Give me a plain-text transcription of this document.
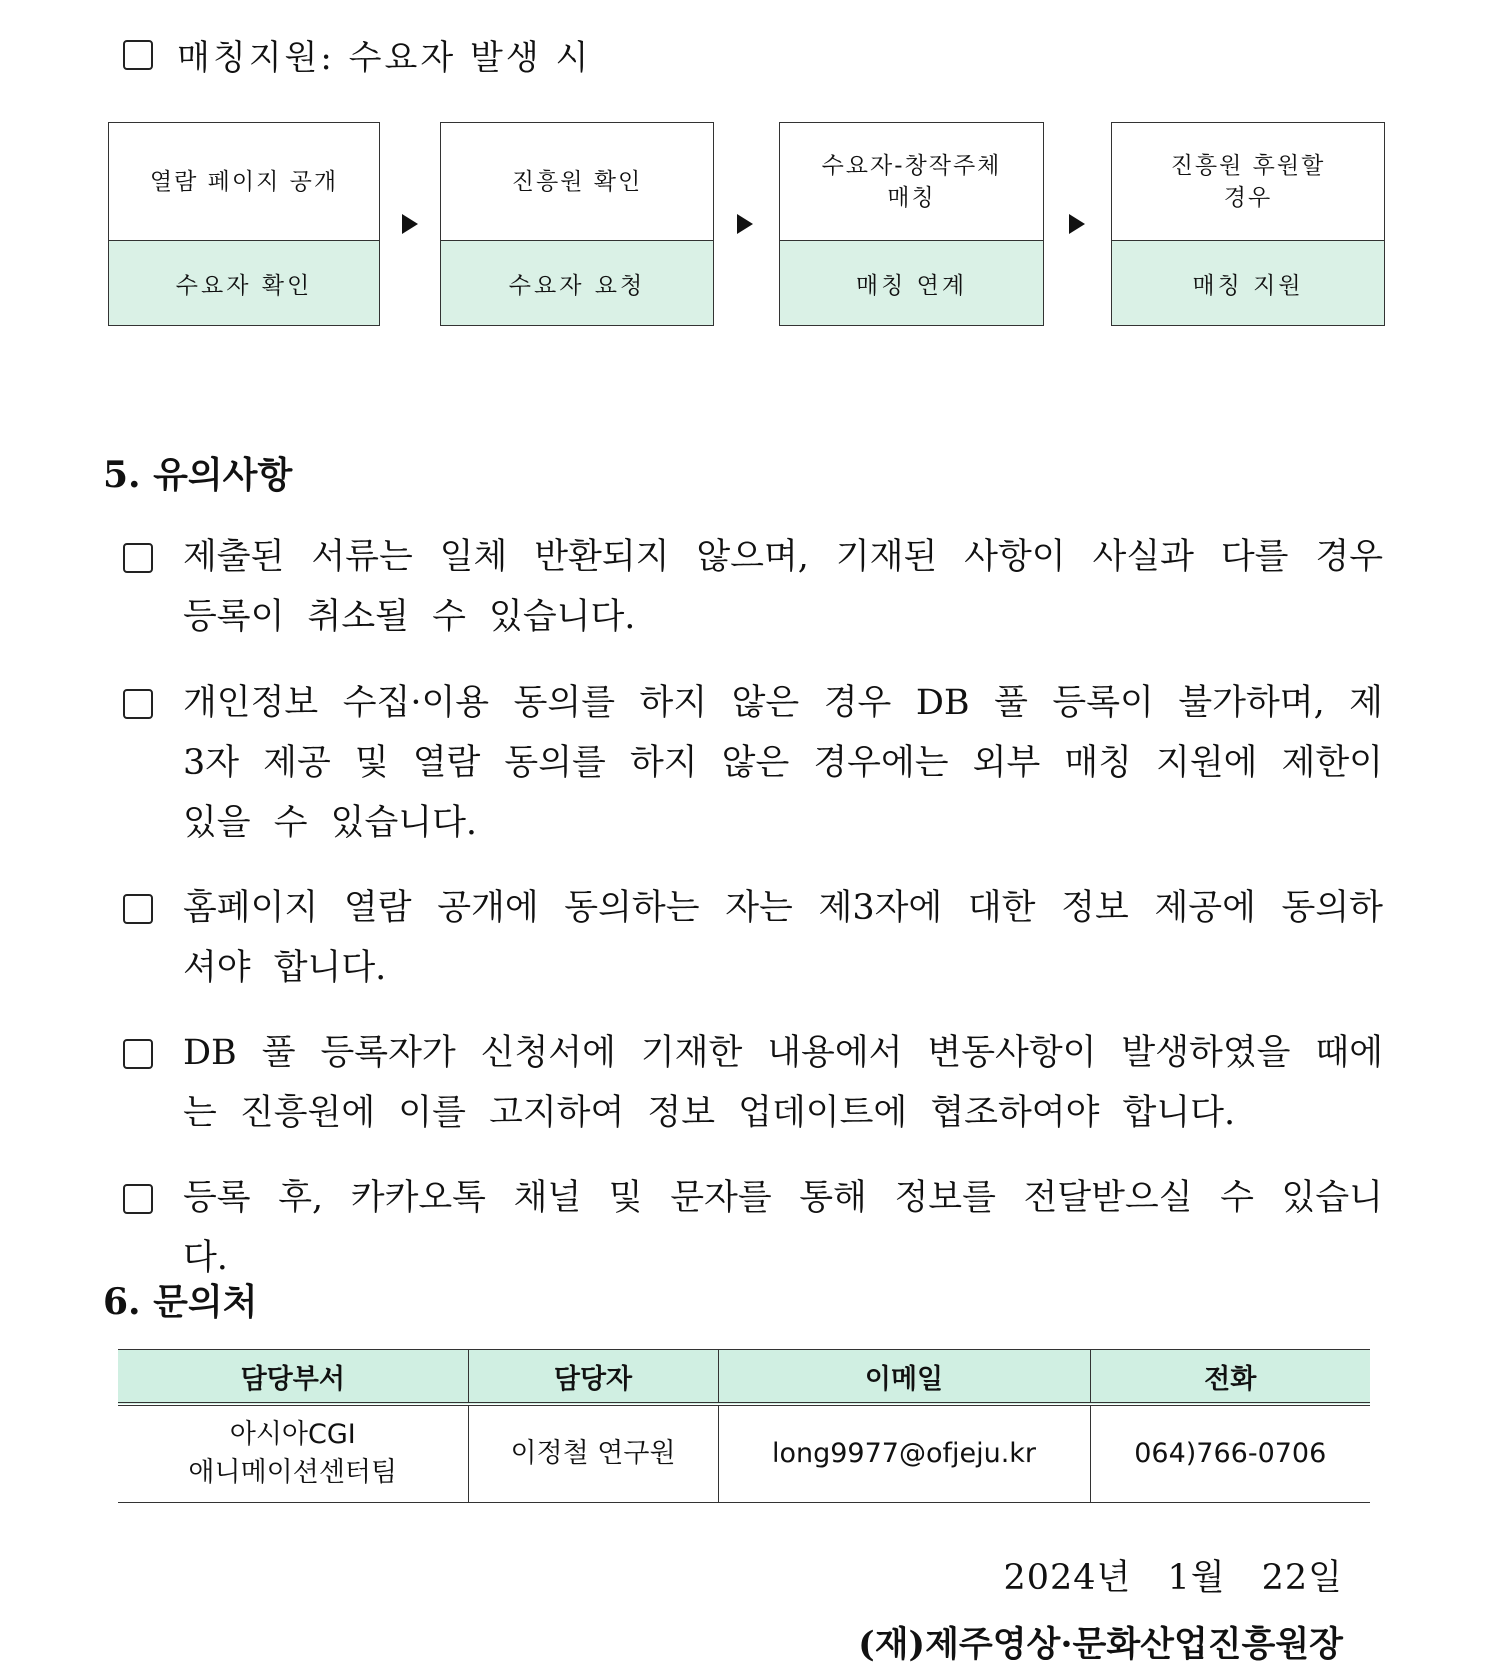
매칭지원: 수요자 발생 시
열람 페이지 공개
수요자 확인
진흥원 확인
수요자 요청
수요자-창작주체
매칭
매칭 연계
진흥원 후원할
경우
매칭 지원
5. 유의사항
제출된 서류는 일체 반환되지 않으며, 기재된 사항이 사실과 다를 경우 등록이 취소될 수 있습니다.
개인정보 수집·이용 동의를 하지 않은 경우 DB 풀 등록이 불가하며, 제3자 제공 및 열람 동의를 하지 않은 경우에는 외부 매칭 지원에 제한이 있을 수 있습니다.
홈페이지 열람 공개에 동의하는 자는 제3자에 대한 정보 제공에 동의하셔야 합니다.
DB 풀 등록자가 신청서에 기재한 내용에서 변동사항이 발생하였을 때에는 진흥원에 이를 고지하여 정보 업데이트에 협조하여야 합니다.
등록 후, 카카오톡 채널 및 문자를 통해 정보를 전달받으실 수 있습니다.
6. 문의처
담당부서	담당자	이메일	전화

아시아CGI
애니메이션센터팀	이정철 연구원	long9977@ofjeju.kr	064)766-0706
2024년 1월 22일
(재)제주영상·문화산업진흥원장
